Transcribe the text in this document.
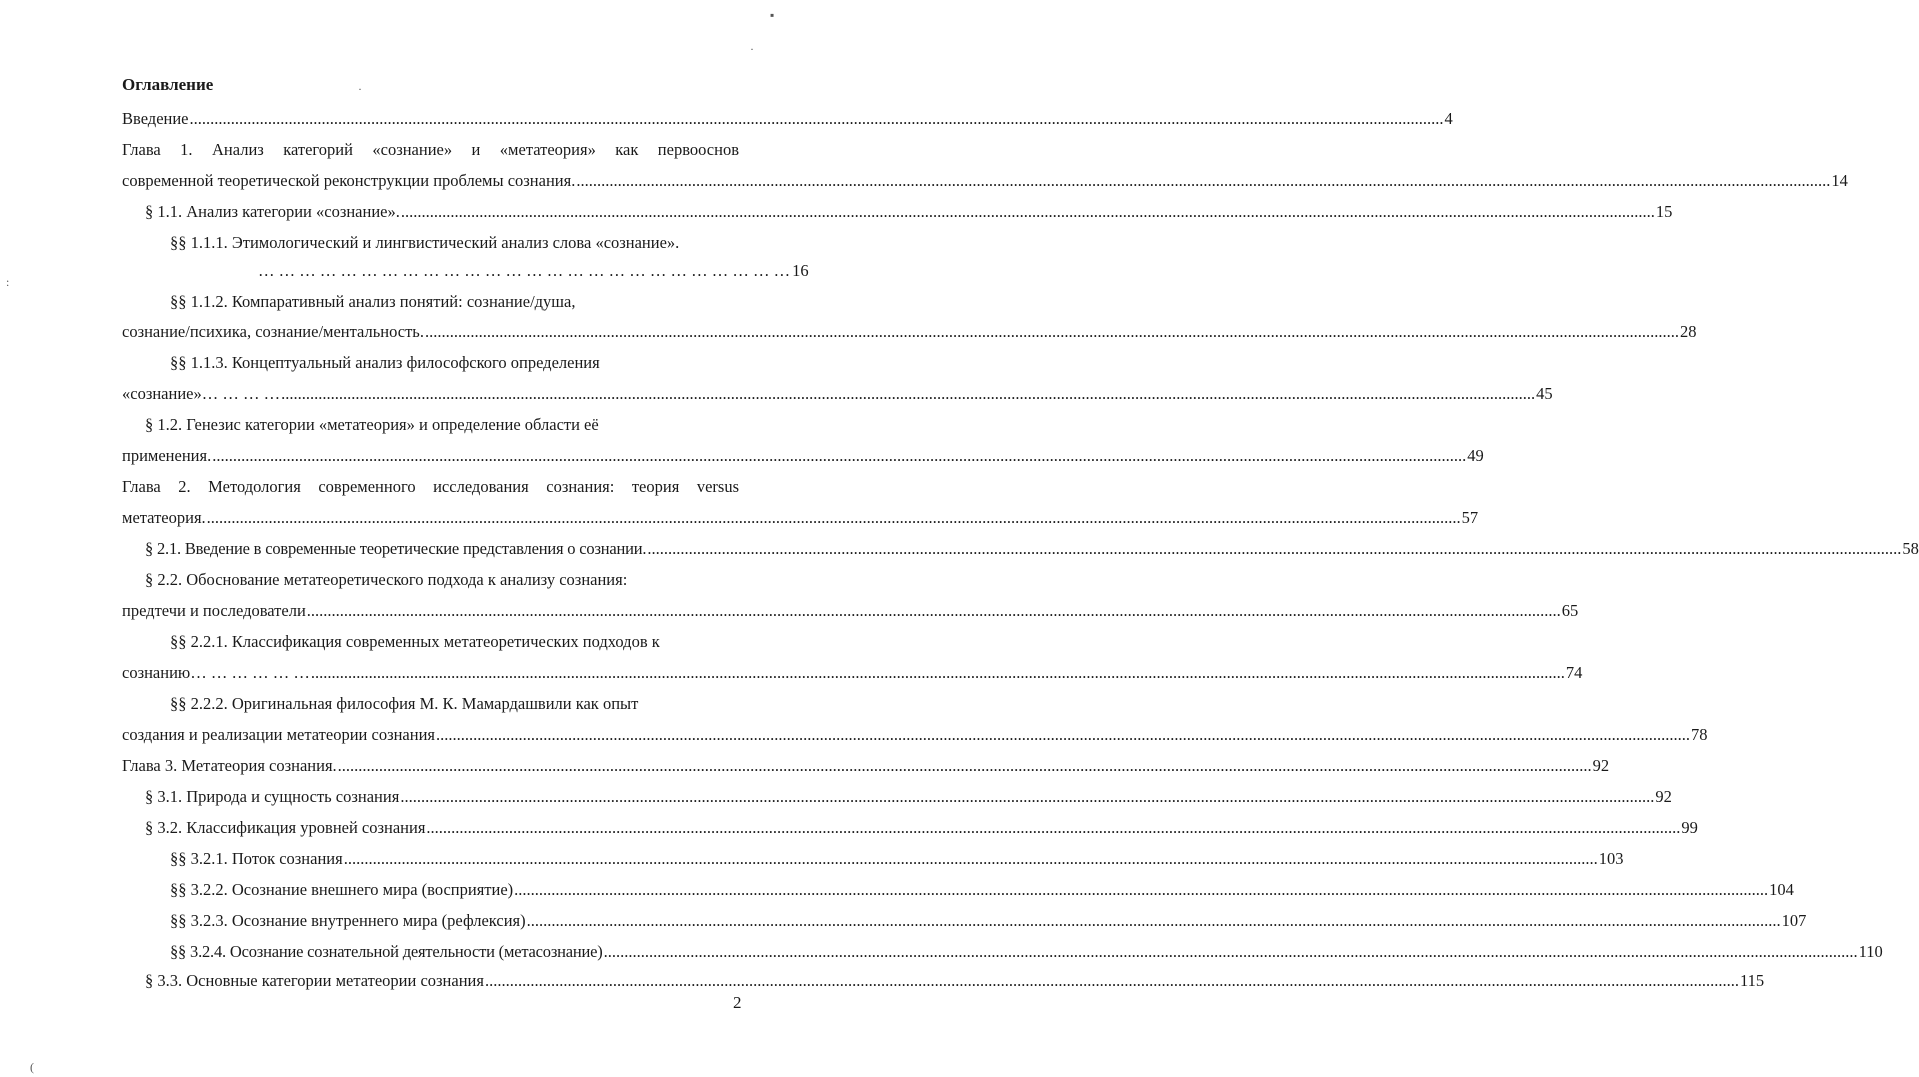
Оглавление
Введение .....	4
Глава 1. Анализ категорий «сознание» и «метатеория» как первооснов
современной теоретической реконструкции проблемы сознания. .....	14
§ 1.1. Анализ категории «сознание». .....	15
§§ 1.1.1. Этимологический и лингвистический анализ слова «сознание».
… … … … … … … … … … … … … … … … … … … … … … … … … … 16
§§ 1.1.2. Компаративный анализ понятий: сознание/душа,
сознание/психика, сознание/ментальность. .....	28
§§ 1.1.3. Концептуальный анализ философского определения
«сознание»… … … … .....	45
§ 1.2. Генезис категории «метатеория» и определение области её
применения. .....	49
Глава 2. Методология современного исследования сознания: теория versus
метатеория. .....	57
§ 2.1. Введение в современные теоретические представления о сознании. .....	58
§ 2.2. Обоснование метатеоретического подхода к анализу сознания:
предтечи и последователи .....	65
§§ 2.2.1. Классификация современных метатеоретических подходов к
сознанию… … … … … … .....	74
§§ 2.2.2. Оригинальная философия М. К. Мамардашвили как опыт
создания и реализации метатеории сознания .....	78
Глава 3. Метатеория сознания. .....	92
§ 3.1. Природа и сущность сознания .....	92
§ 3.2. Классификация уровней сознания .....	99
§§ 3.2.1. Поток сознания .....	103
§§ 3.2.2. Осознание внешнего мира (восприятие) .....	104
§§ 3.2.3. Осознание внутреннего мира (рефлексия) .....	107
§§ 3.2.4. Осознание сознательной деятельности (метасознание) .....	110
§ 3.3. Основные категории метатеории сознания .....	115
2
▪
·
·
:
(
